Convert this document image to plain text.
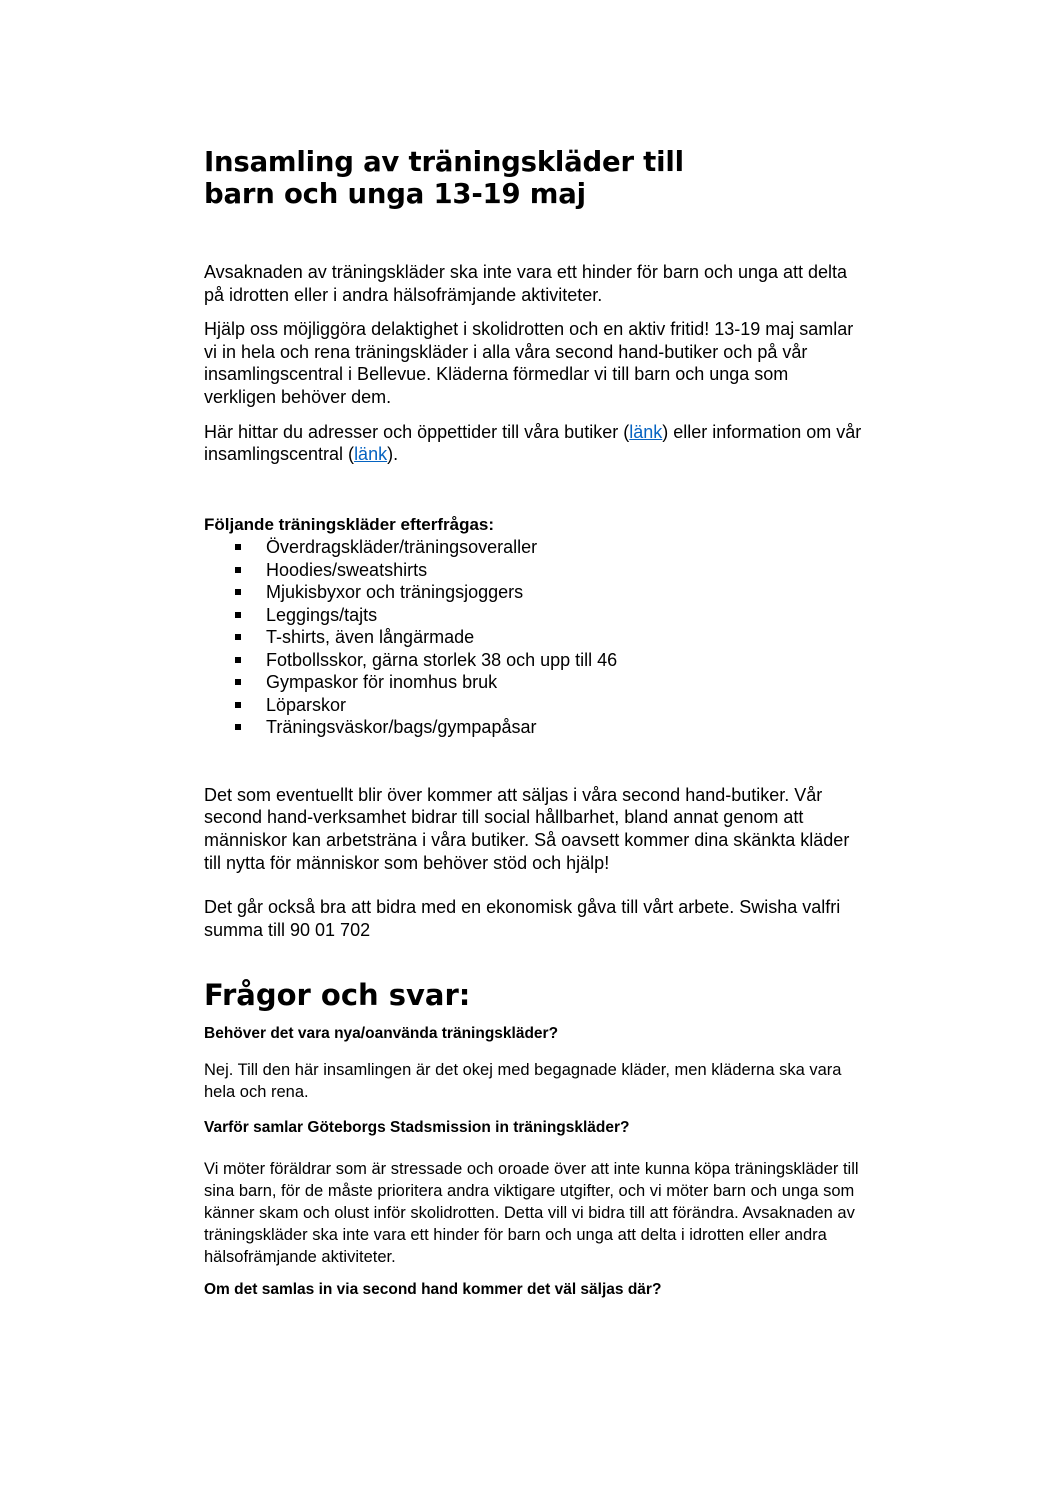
Insamling av träningskläder till
barn och unga 13-19 maj

Avsaknaden av träningskläder ska inte vara ett hinder för barn och unga att delta på idrotten eller i andra hälsofrämjande aktiviteter.

Hjälp oss möjliggöra delaktighet i skolidrotten och en aktiv fritid! 13-19 maj samlar vi in hela och rena träningskläder i alla våra second hand-butiker och på vår insamlingscentral i Bellevue. Kläderna förmedlar vi till barn och unga som verkligen behöver dem.

Här hittar du adresser och öppettider till våra butiker (länk) eller information om vår insamlingscentral (länk).

Följande träningskläder efterfrågas:

Överdragskläder/träningsoveraller
Hoodies/sweatshirts
Mjukisbyxor och träningsjoggers
Leggings/tajts
T-shirts, även långärmade
Fotbollsskor, gärna storlek 38 och upp till 46
Gympaskor för inomhus bruk
Löparskor
Träningsväskor/bags/gympapåsar

Det som eventuellt blir över kommer att säljas i våra second hand-butiker. Vår second hand-verksamhet bidrar till social hållbarhet, bland annat genom att människor kan arbetsträna i våra butiker. Så oavsett kommer dina skänkta kläder till nytta för människor som behöver stöd och hjälp!

Det går också bra att bidra med en ekonomisk gåva till vårt arbete. Swisha valfri summa till 90 01 702

Frågor och svar:

Behöver det vara nya/oanvända träningskläder?

Nej. Till den här insamlingen är det okej med begagnade kläder, men kläderna ska vara hela och rena.

Varför samlar Göteborgs Stadsmission in träningskläder?

Vi möter föräldrar som är stressade och oroade över att inte kunna köpa träningskläder till sina barn, för de måste prioritera andra viktigare utgifter, och vi möter barn och unga som känner skam och olust inför skolidrotten. Detta vill vi bidra till att förändra. Avsaknaden av träningskläder ska inte vara ett hinder för barn och unga att delta i idrotten eller andra hälsofrämjande aktiviteter.

Om det samlas in via second hand kommer det väl säljas där?
